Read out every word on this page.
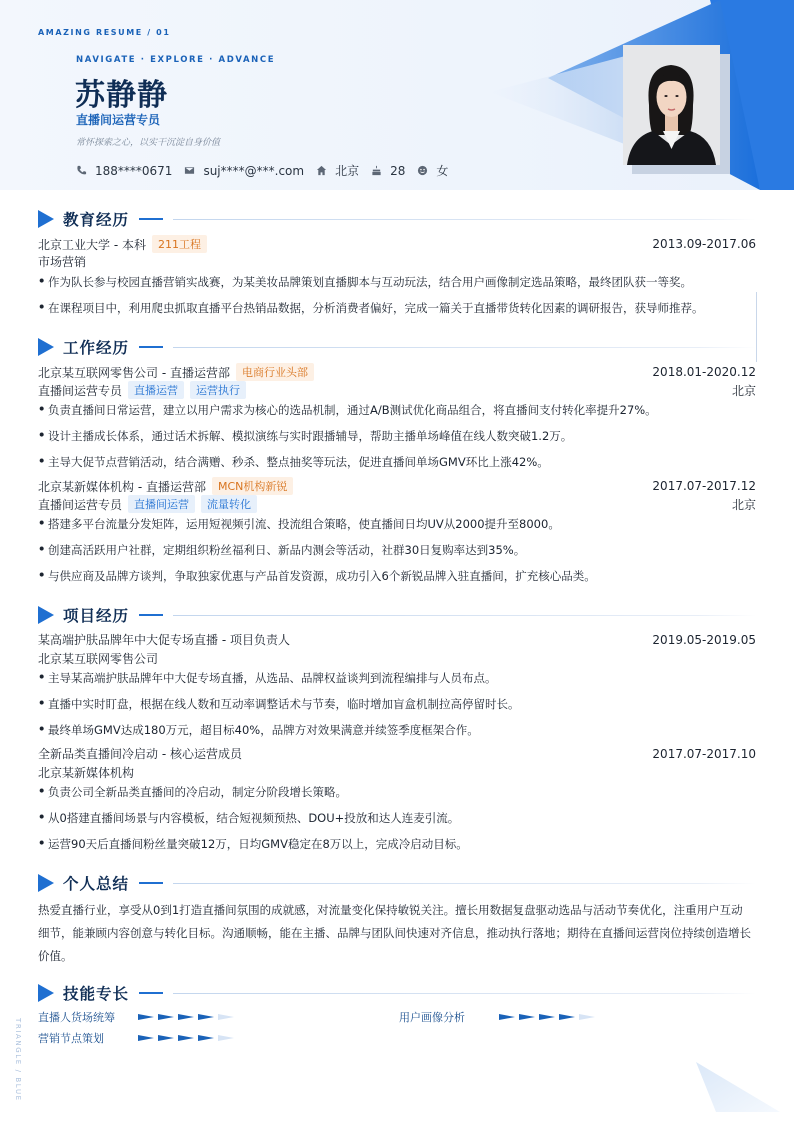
AMAZING RESUME / 01
NAVIGATE · EXPLORE · ADVANCE
苏静静
直播间运营专员
常怀探索之心，以实干沉淀自身价值
188****0671	suj****@***.com	北京	28	女
教育经历
北京工业大学 - 本科	211工程	2013.09-2017.06
市场营销
• 作为队长参与校园直播营销实战赛，为某美妆品牌策划直播脚本与互动玩法，结合用户画像制定选品策略，最终团队获一等奖。
• 在课程项目中，利用爬虫抓取直播平台热销品数据，分析消费者偏好，完成一篇关于直播带货转化因素的调研报告，获导师推荐。
工作经历
北京某互联网零售公司 - 直播运营部	电商行业头部	2018.01-2020.12
直播间运营专员	直播运营	运营执行	北京
• 负责直播间日常运营，建立以用户需求为核心的选品机制，通过A/B测试优化商品组合，将直播间支付转化率提升27%。
• 设计主播成长体系，通过话术拆解、模拟演练与实时跟播辅导，帮助主播单场峰值在线人数突破1.2万。
• 主导大促节点营销活动，结合满赠、秒杀、整点抽奖等玩法，促进直播间单场GMV环比上涨42%。
北京某新媒体机构 - 直播运营部	MCN机构新锐	2017.07-2017.12
直播间运营专员	直播间运营	流量转化	北京
• 搭建多平台流量分发矩阵，运用短视频引流、投流组合策略，使直播间日均UV从2000提升至8000。
• 创建高活跃用户社群，定期组织粉丝福利日、新品内测会等活动，社群30日复购率达到35%。
• 与供应商及品牌方谈判，争取独家优惠与产品首发资源，成功引入6个新锐品牌入驻直播间，扩充核心品类。
项目经历
某高端护肤品牌年中大促专场直播 - 项目负责人	2019.05-2019.05
北京某互联网零售公司
• 主导某高端护肤品牌年中大促专场直播，从选品、品牌权益谈判到流程编排与人员布点。
• 直播中实时盯盘，根据在线人数和互动率调整话术与节奏，临时增加盲盒机制拉高停留时长。
• 最终单场GMV达成180万元，超目标40%，品牌方对效果满意并续签季度框架合作。
全新品类直播间冷启动 - 核心运营成员	2017.07-2017.10
北京某新媒体机构
• 负责公司全新品类直播间的冷启动，制定分阶段增长策略。
• 从0搭建直播间场景与内容模板，结合短视频预热、DOU+投放和达人连麦引流。
• 运营90天后直播间粉丝量突破12万，日均GMV稳定在8万以上，完成冷启动目标。
个人总结
热爱直播行业，享受从0到1打造直播间氛围的成就感，对流量变化保持敏锐关注。擅长用数据复盘驱动选品与活动节奏优化，注重用户互动细节，能兼顾内容创意与转化目标。沟通顺畅，能在主播、品牌与团队间快速对齐信息，推动执行落地；期待在直播间运营岗位持续创造增长价值。
技能专长
直播人货场统筹	用户画像分析
营销节点策划
TRIANGLE / BLUE
